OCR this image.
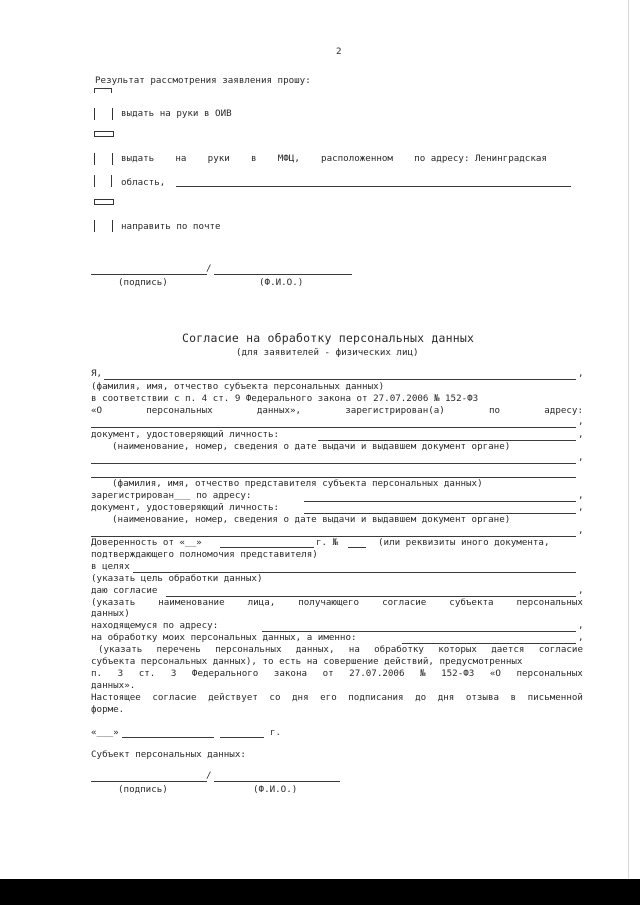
2
Результат рассмотрения заявления прошу:
выдать на руки в ОИВ
выдать на руки в МФЦ, расположенном по адресу: Ленинградская
область,
направить по почте
/
(подпись)	(Ф.И.О.)
Согласие на обработку персональных данных
(для заявителей - физических лиц)
Я,	,
(фамилия, имя, отчество субъекта персональных данных)
в соответствии с п. 4 ст. 9 Федерального закона от 27.07.2006 № 152-ФЗ
«О	персональных	данных»,	зарегистрирован(а)	по	адресу:
,
документ, удостоверяющий личность:	,
(наименование, номер, сведения о дате выдачи и выдавшем документ органе)
,
(фамилия, имя, отчество представителя субъекта персональных данных)
зарегистрирован___ по адресу:	,
документ, удостоверяющий личность:	,
(наименование, номер, сведения о дате выдачи и выдавшем документ органе)
,
Доверенность от «__»	г. №	(или реквизиты иного документа,
подтверждающего полномочия представителя)
в целях
(указать цель обработки данных)
даю согласие	,
(указать наименование лица, получающего согласие субъекта персональных
данных)
находящемуся по адресу:	,
на обработку моих персональных данных, а именно:	,
(указать перечень персональных данных, на обработку которых дается согласие
субъекта персональных данных), то есть на совершение действий, предусмотренных
п. 3 ст. 3 Федерального закона от 27.07.2006 № 152-ФЗ «О персональных
данных».
Настоящее согласие действует со дня его подписания до дня отзыва в письменной
форме.
«___»	г.
Субъект персональных данных:
/
(подпись)	(Ф.И.О.)
